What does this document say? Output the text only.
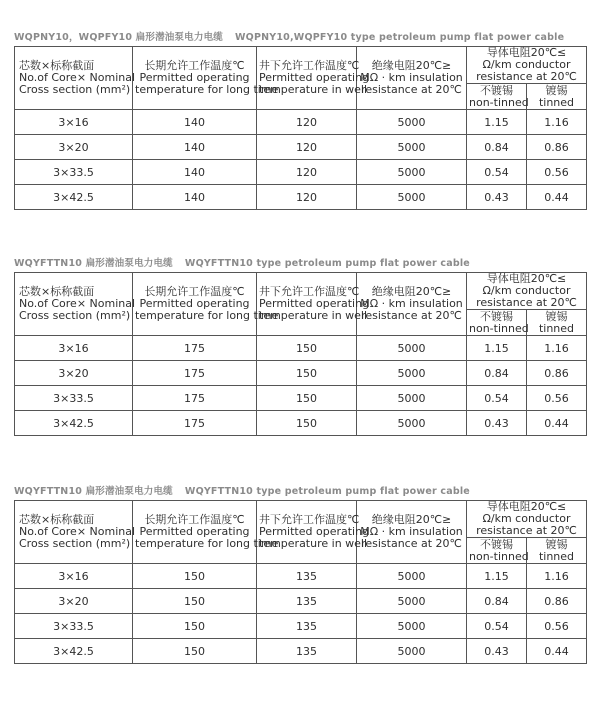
WQPNY10，WQPFY10 扁形潜油泵电力电缆 WQPNY10,WQPFY10 type petroleum pump flat power cable
芯数×标称截面
No.of Core× Nominal
Cross section (mm²)	长期允许工作温度℃
Permitted operating
temperature for long time	井下允许工作温度℃
Permitted operating
temperature in well	绝缘电阻20℃≥
MΩ · km insulation
resistance at 20℃	导体电阻20℃≤
Ω/km conductor
resistance at 20℃	

				不镀锡
non-tinned	镀锡
tinned

3×16	140	120	5000	1.15	1.16
3×20	140	120	5000	0.84	0.86
3×33.5	140	120	5000	0.54	0.56
3×42.5	140	120	5000	0.43	0.44
WQYFTTN10 扁形潜油泵电力电缆 WQYFTTN10 type petroleum pump flat power cable
芯数×标称截面
No.of Core× Nominal
Cross section (mm²)	长期允许工作温度℃
Permitted operating
temperature for long time	井下允许工作温度℃
Permitted operating
temperature in well	绝缘电阻20℃≥
MΩ · km insulation
resistance at 20℃	导体电阻20℃≤
Ω/km conductor
resistance at 20℃	

				不镀锡
non-tinned	镀锡
tinned

3×16	175	150	5000	1.15	1.16
3×20	175	150	5000	0.84	0.86
3×33.5	175	150	5000	0.54	0.56
3×42.5	175	150	5000	0.43	0.44
WQYFTTN10 扁形潜油泵电力电缆 WQYFTTN10 type petroleum pump flat power cable
芯数×标称截面
No.of Core× Nominal
Cross section (mm²)	长期允许工作温度℃
Permitted operating
temperature for long time	井下允许工作温度℃
Permitted operating
temperature in well	绝缘电阻20℃≥
MΩ · km insulation
resistance at 20℃	导体电阻20℃≤
Ω/km conductor
resistance at 20℃	

				不镀锡
non-tinned	镀锡
tinned

3×16	150	135	5000	1.15	1.16
3×20	150	135	5000	0.84	0.86
3×33.5	150	135	5000	0.54	0.56
3×42.5	150	135	5000	0.43	0.44
